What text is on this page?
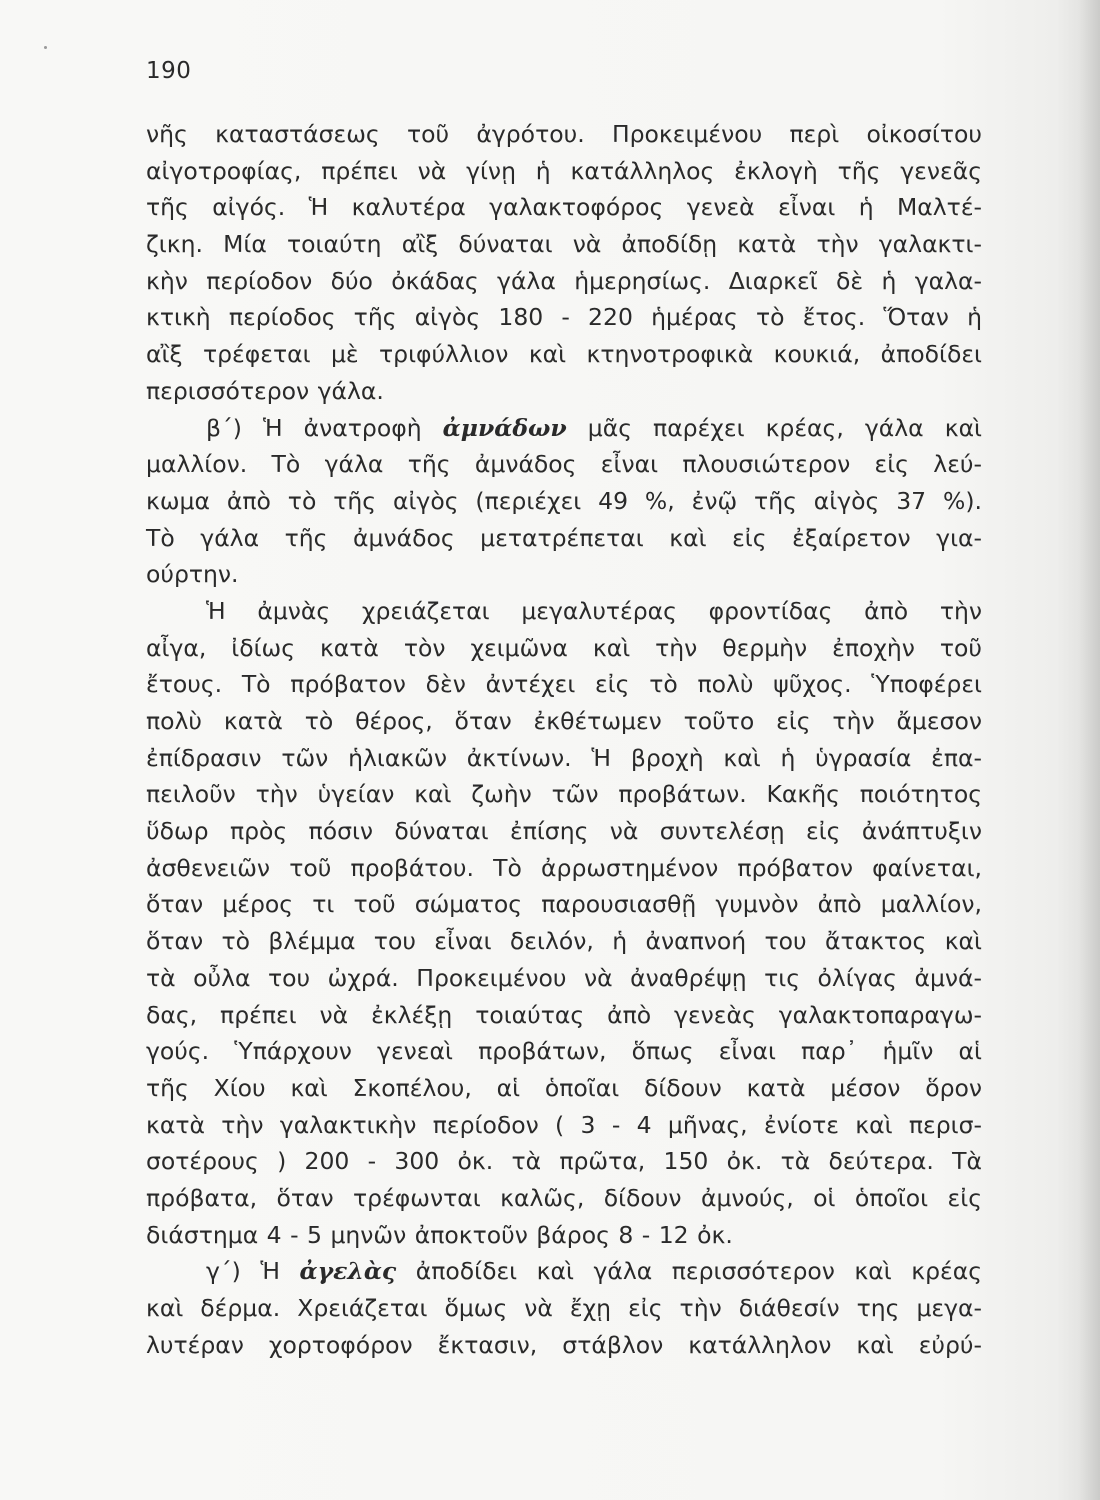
190
νῆς καταστάσεως τοῦ ἀγρότου. Προκειμένου περὶ οἰκοσίτου
αἰγοτροφίας, πρέπει νὰ γίνῃ ἡ κατάλληλος ἐκλογὴ τῆς γενεᾶς
τῆς αἰγός. Ἡ καλυτέρα γαλακτοφόρος γενεὰ εἶναι ἡ Μαλτέ-
ζικη. Μία τοιαύτη αἲξ δύναται νὰ ἀποδίδῃ κατὰ τὴν γαλακτι-
κὴν περίοδον δύο ὀκάδας γάλα ἡμερησίως. Διαρκεῖ δὲ ἡ γαλα-
κτικὴ περίοδος τῆς αἰγὸς 180 - 220 ἡμέρας τὸ ἔτος. Ὅταν ἡ
αἲξ τρέφεται μὲ τριφύλλιον καὶ κτηνοτροφικὰ κουκιά, ἀποδίδει
περισσότερον γάλα.
β΄) Ἡ ἀνατροφὴ ἀμνάδων μᾶς παρέχει κρέας, γάλα καὶ
μαλλίον. Τὸ γάλα τῆς ἀμνάδος εἶναι πλουσιώτερον εἰς λεύ-
κωμα ἀπὸ τὸ τῆς αἰγὸς (περιέχει 49 %, ἐνῷ τῆς αἰγὸς 37 %).
Τὸ γάλα τῆς ἀμνάδος μετατρέπεται καὶ εἰς ἐξαίρετον για-
ούρτην.
Ἡ ἀμνὰς χρειάζεται μεγαλυτέρας φροντίδας ἀπὸ τὴν
αἶγα, ἰδίως κατὰ τὸν χειμῶνα καὶ τὴν θερμὴν ἐποχὴν τοῦ
ἔτους. Τὸ πρόβατον δὲν ἀντέχει εἰς τὸ πολὺ ψῦχος. Ὑποφέρει
πολὺ κατὰ τὸ θέρος, ὅταν ἐκθέτωμεν τοῦτο εἰς τὴν ἄμεσον
ἐπίδρασιν τῶν ἡλιακῶν ἀκτίνων. Ἡ βροχὴ καὶ ἡ ὑγρασία ἐπα-
πειλοῦν τὴν ὑγείαν καὶ ζωὴν τῶν προβάτων. Κακῆς ποιότητος
ὕδωρ πρὸς πόσιν δύναται ἐπίσης νὰ συντελέσῃ εἰς ἀνάπτυξιν
ἀσθενειῶν τοῦ προβάτου. Τὸ ἀρρωστημένον πρόβατον φαίνεται,
ὅταν μέρος τι τοῦ σώματος παρουσιασθῇ γυμνὸν ἀπὸ μαλλίον,
ὅταν τὸ βλέμμα του εἶναι δειλόν, ἡ ἀναπνοή του ἄτακτος καὶ
τὰ οὖλα του ὠχρά. Προκειμένου νὰ ἀναθρέψῃ τις ὀλίγας ἀμνά-
δας, πρέπει νὰ ἐκλέξῃ τοιαύτας ἀπὸ γενεὰς γαλακτοπαραγω-
γούς. Ὑπάρχουν γενεαὶ προβάτων, ὅπως εἶναι παρ᾽ ἡμῖν αἱ
τῆς Χίου καὶ Σκοπέλου, αἱ ὁποῖαι δίδουν κατὰ μέσον ὅρον
κατὰ τὴν γαλακτικὴν περίοδον ( 3 - 4 μῆνας, ἐνίοτε καὶ περισ-
σοτέρους ) 200 - 300 ὀκ. τὰ πρῶτα, 150 ὀκ. τὰ δεύτερα. Τὰ
πρόβατα, ὅταν τρέφωνται καλῶς, δίδουν ἀμνούς, οἱ ὁποῖοι εἰς
διάστημα 4 - 5 μηνῶν ἀποκτοῦν βάρος 8 - 12 ὀκ.
γ΄) Ἡ ἀγελὰς ἀποδίδει καὶ γάλα περισσότερον καὶ κρέας
καὶ δέρμα. Χρειάζεται ὅμως νὰ ἔχῃ εἰς τὴν διάθεσίν της μεγα-
λυτέραν χορτοφόρον ἔκτασιν, στάβλον κατάλληλον καὶ εὐρύ-
